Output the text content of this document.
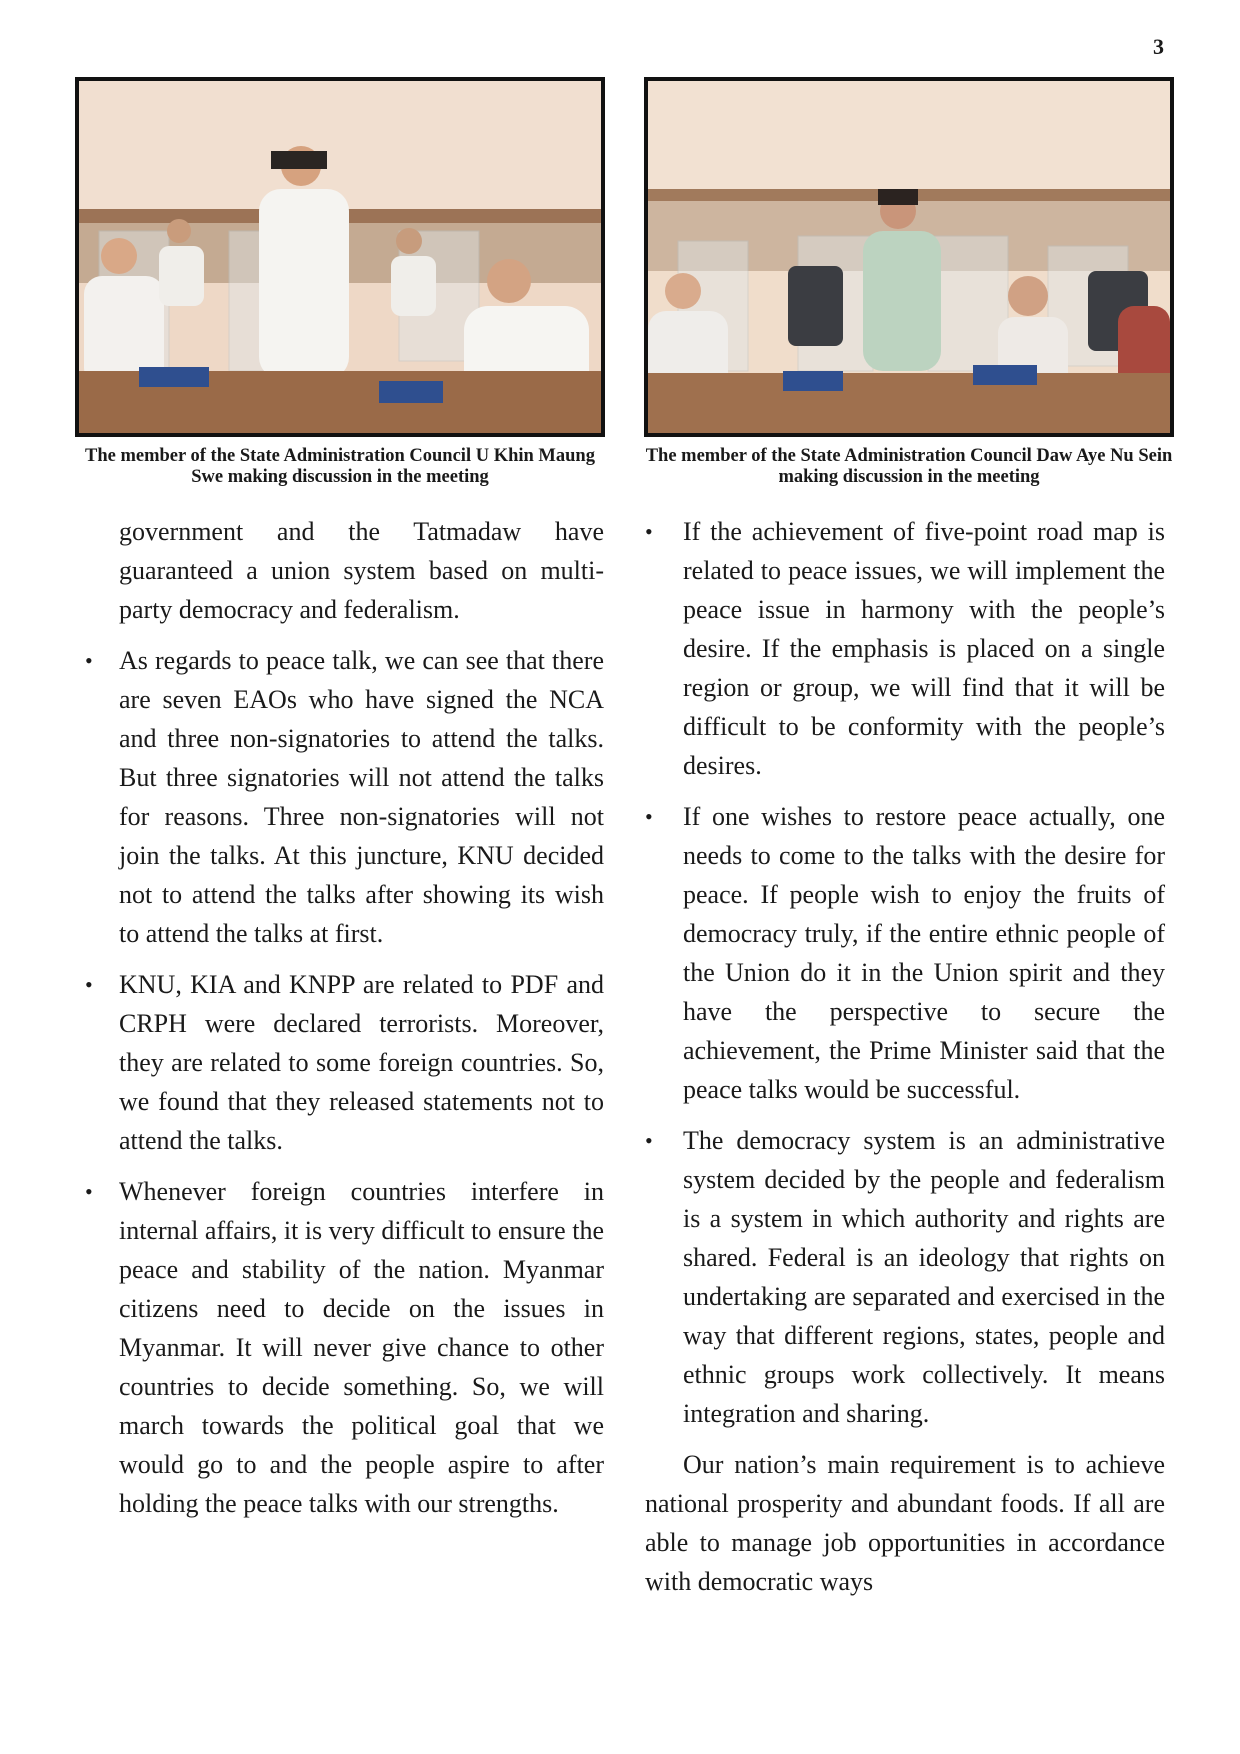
3
The member of the State Administration Council U Khin Maung Swe making discussion in the meeting
The member of the State Administration Council Daw Aye Nu Sein making discussion in the meeting

government and the Tatmadaw have guaranteed a union system based on multi-party democracy and federalism.

• As regards to peace talk, we can see that there are seven EAOs who have signed the NCA and three non-signatories to attend the talks. But three signatories will not attend the talks for reasons. Three non-signatories will not join the talks. At this juncture, KNU decided not to attend the talks after showing its wish to attend the talks at first.
• KNU, KIA and KNPP are related to PDF and CRPH were declared terrorists. Moreover, they are related to some foreign countries. So, we found that they released statements not to attend the talks.
• Whenever foreign countries interfere in internal affairs, it is very difficult to ensure the peace and stability of the nation. Myanmar citizens need to decide on the issues in Myanmar. It will never give chance to other countries to decide something. So, we will march towards the political goal that we would go to and the people aspire to after holding the peace talks with our strengths.
• If the achievement of five-point road map is related to peace issues, we will implement the peace issue in harmony with the people’s desire. If the emphasis is placed on a single region or group, we will find that it will be difficult to be conformity with the people’s desires.
• If one wishes to restore peace actually, one needs to come to the talks with the desire for peace. If people wish to enjoy the fruits of democracy truly, if the entire ethnic people of the Union do it in the Union spirit and they have the perspective to secure the achievement, the Prime Minister said that the peace talks would be successful.
• The democracy system is an administrative system decided by the people and federalism is a system in which authority and rights are shared. Federal is an ideology that rights on undertaking are separated and exercised in the way that different regions, states, people and ethnic groups work collectively. It means integration and sharing.

Our nation’s main requirement is to achieve national prosperity and abundant foods. If all are able to manage job opportunities in accordance with democratic ways
